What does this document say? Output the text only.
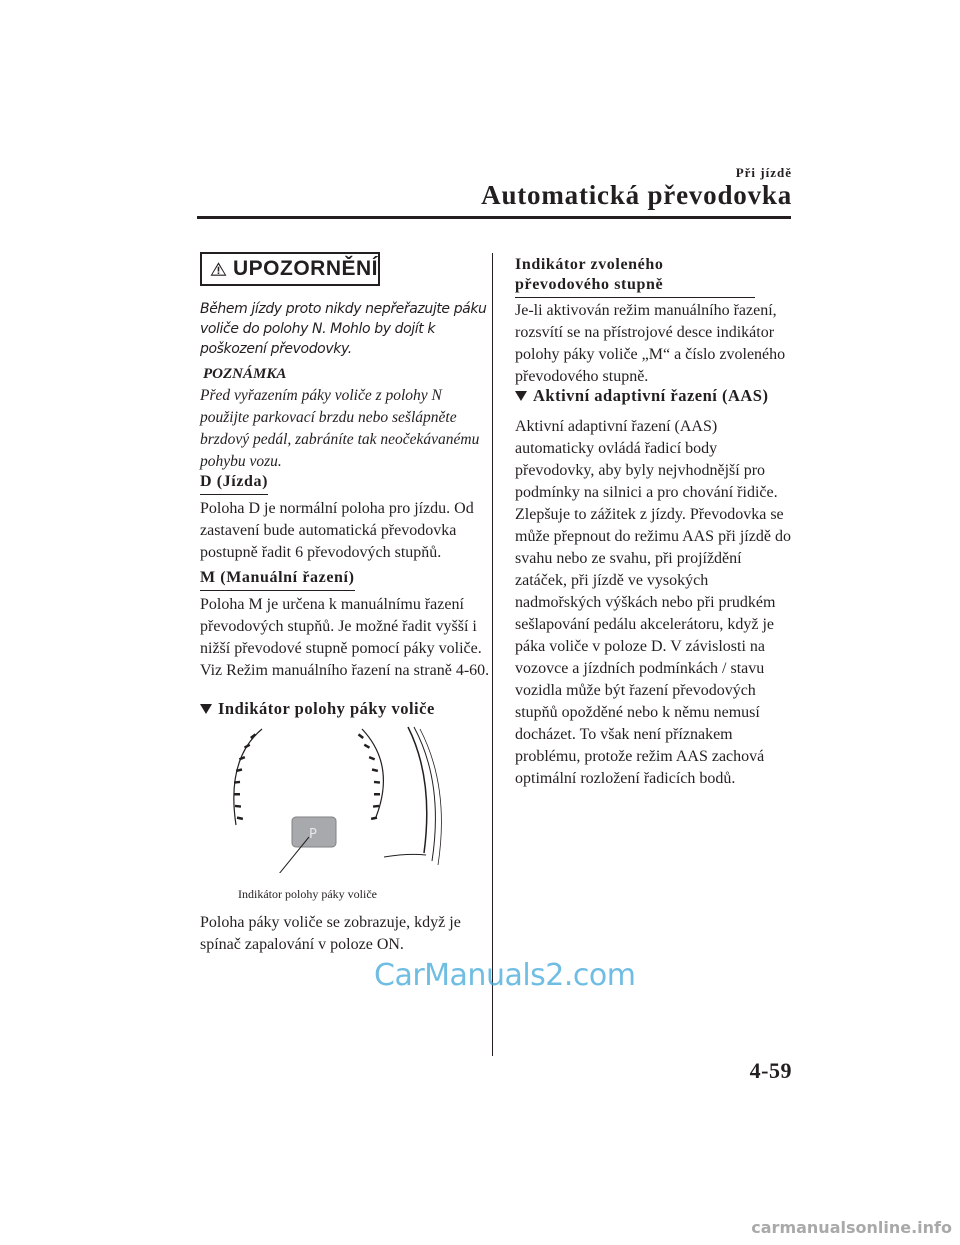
Při jízdě
Automatická převodovka
UPOZORNĚNÍ
Během jízdy proto nikdy nepřeřazujte páku voliče do polohy N. Mohlo by dojít k poškození převodovky.
POZNÁMKA
Před vyřazením páky voliče z polohy N použijte parkovací brzdu nebo sešlápněte brzdový pedál, zabráníte tak neočekávanému pohybu vozu.
D (Jízda)
Poloha D je normální poloha pro jízdu. Od zastavení bude automatická převodovka postupně řadit 6 převodových stupňů.
M (Manuální řazení)
Poloha M je určena k manuálnímu řazení převodových stupňů. Je možné řadit vyšší i nižší převodové stupně pomocí páky voliče. Viz Režim manuálního řazení na straně 4-60.
Indikátor polohy páky voliče
P
Indikátor polohy páky voliče
Poloha páky voliče se zobrazuje, když je spínač zapalování v poloze ON.
Indikátor zvoleného převodového stupně
Je-li aktivován režim manuálního řazení, rozsvítí se na přístrojové desce indikátor polohy páky voliče „M“ a číslo zvoleného převodového stupně.
Aktivní adaptivní řazení (AAS)
Aktivní adaptivní řazení (AAS) automaticky ovládá řadicí body převodovky, aby byly nejvhodnější pro podmínky na silnici a pro chování řidiče. Zlepšuje to zážitek z jízdy. Převodovka se může přepnout do režimu AAS při jízdě do svahu nebo ze svahu, při projíždění zatáček, při jízdě ve vysokých nadmořských výškách nebo při prudkém sešlapování pedálu akcelerátoru, když je páka voliče v poloze D. V závislosti na vozovce a jízdních podmínkách / stavu vozidla může být řazení převodových stupňů opožděné nebo k němu nemusí docházet. To však není příznakem problému, protože režim AAS zachová optimální rozložení řadicích bodů.
CarManuals2.com
4-59
carmanualsonline.info
